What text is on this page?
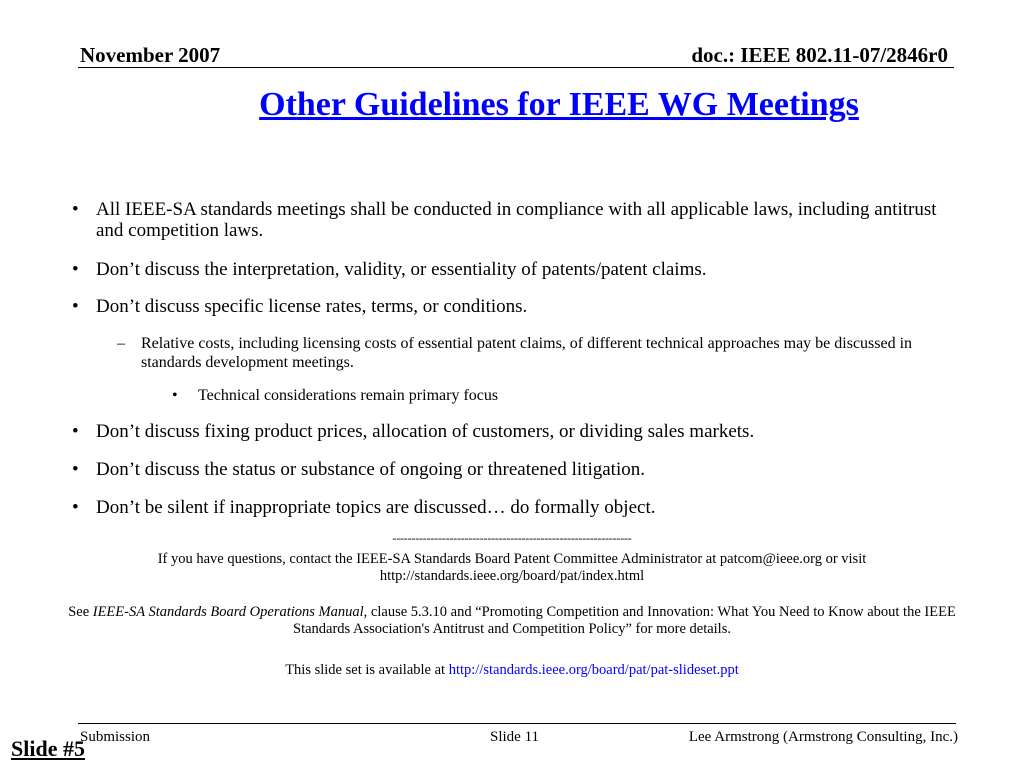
November 2007	doc.: IEEE 802.11-07/2846r0
Other Guidelines for IEEE WG Meetings
• All IEEE-SA standards meetings shall be conducted in compliance with all applicable laws, including antitrust and competition laws.
• Don’t discuss the interpretation, validity, or essentiality of patents/patent claims.
• Don’t discuss specific license rates, terms, or conditions.
– Relative costs, including licensing costs of essential patent claims, of different technical approaches may be discussed in standards development meetings.
• Technical considerations remain primary focus
• Don’t discuss fixing product prices, allocation of customers, or dividing sales markets.
• Don’t discuss the status or substance of ongoing or threatened litigation.
• Don’t be silent if inappropriate topics are discussed… do formally object.
---------------------------------------------------------------
If you have questions, contact the IEEE-SA Standards Board Patent Committee Administrator at patcom@ieee.org or visit http://standards.ieee.org/board/pat/index.html
See IEEE-SA Standards Board Operations Manual, clause 5.3.10 and “Promoting Competition and Innovation: What You Need to Know about the IEEE Standards Association's Antitrust and Competition Policy” for more details.
This slide set is available at http://standards.ieee.org/board/pat/pat-slideset.ppt
Submission	Slide 11	Lee Armstrong (Armstrong Consulting, Inc.)
Slide #5
